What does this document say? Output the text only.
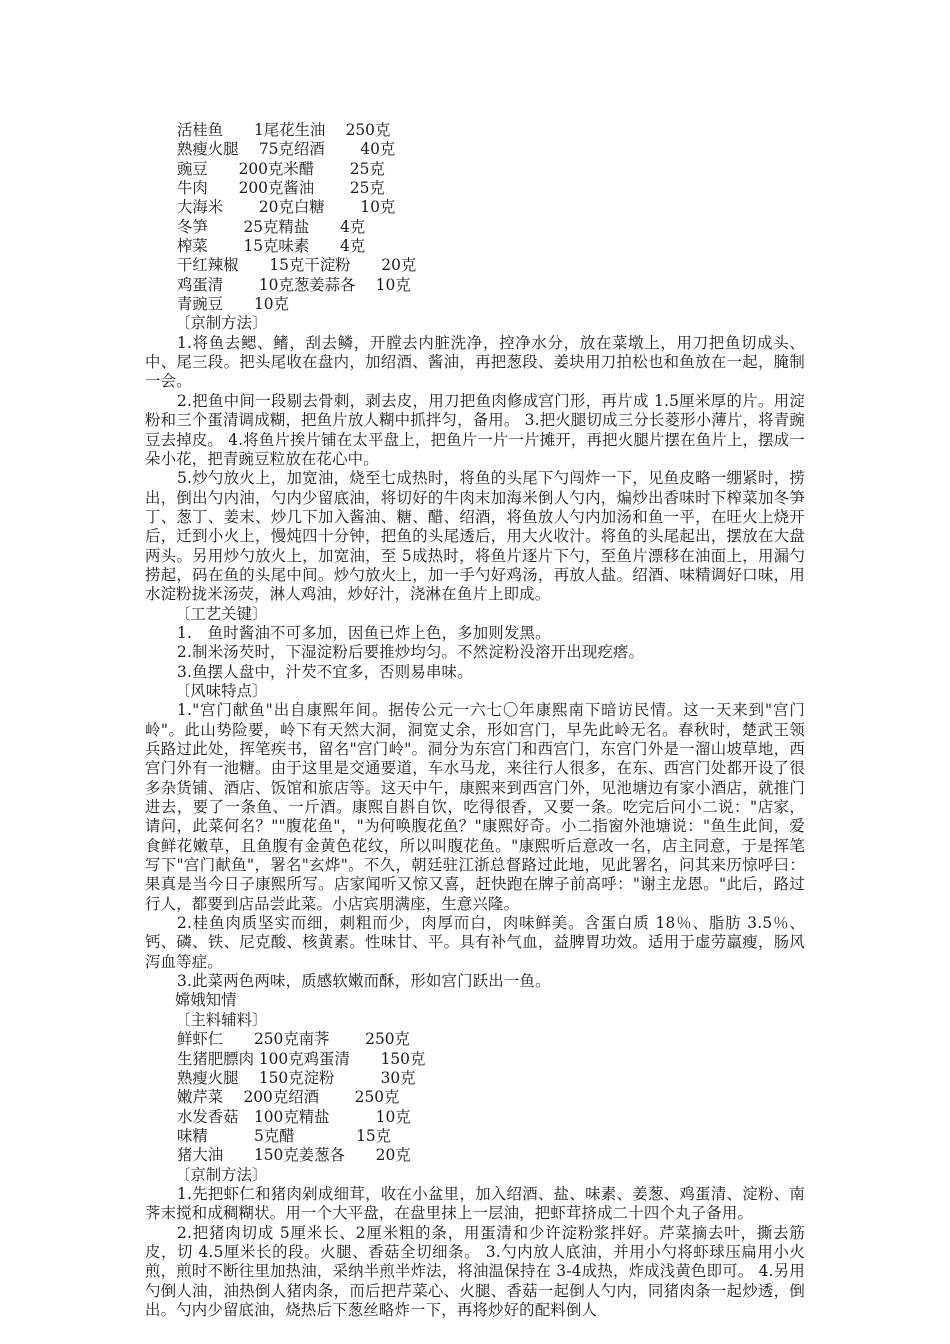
活桂鱼　　1尾花生油　 250克
熟瘦火腿　 75克绍酒　　 40克
豌豆　　200克米醋　　 25克
牛肉　　200克酱油　　 25克
大海米　　 20克白糖　　 10克
冬笋　　 25克精盐　　4克
榨菜　　 15克味素　　4克
干红辣椒　　15克干淀粉　　20克
鸡蛋清　　 10克葱姜蒜各　 10克
青豌豆　　10克
〔京制方法〕
1.将鱼去鳃、鳍，刮去鳞，开膛去内脏洗净，控净水分，放在菜墩上，用刀把鱼切成头、中、尾三段。把头尾收在盘内，加绍酒、酱油，再把葱段、姜块用刀拍松也和鱼放在一起，腌制一会。
2.把鱼中间一段剔去骨刺，剥去皮，用刀把鱼肉修成宫门形，再片成 1.5厘米厚的片。用淀粉和三个蛋清调成糊，把鱼片放人糊中抓拌匀，备用。 3.把火腿切成三分长菱形小薄片，将青豌豆去掉皮。 4.将鱼片挨片铺在太平盘上，把鱼片一片一片摊开，再把火腿片摆在鱼片上，摆成一朵小花，把青豌豆粒放在花心中。
5.炒勺放火上，加宽油，烧至七成热时，将鱼的头尾下勺闯炸一下，见鱼皮略一绷紧时，捞出，倒出勺内油，勺内少留底油，将切好的牛肉末加海米倒人勺内，煸炒出香味时下榨菜加冬笋丁、葱丁、姜末、炒几下加入酱油、糖、醋、绍酒，将鱼放人勺内加汤和鱼一平，在旺火上烧开后，迁到小火上，慢炖四十分钟，把鱼的头尾透后，用大火收汁。将鱼的头尾起出，摆放在大盘两头。另用炒勺放火上，加宽油，至 5成热时，将鱼片逐片下勺，至鱼片漂移在油面上，用漏勺捞起，码在鱼的头尾中间。炒勺放火上，加一手勺好鸡汤，再放人盐。绍酒、味精调好口味，用水淀粉拢米汤荧，淋人鸡油，炒好汁，浇淋在鱼片上即成。
〔工艺关键〕
1.　鱼时酱油不可多加，因鱼已炸上色，多加则发黑。
2.制米汤芡时，下湿淀粉后要推炒均匀。不然淀粉没溶开出现疙瘩。
3.鱼摆人盘中，汁芡不宜多，否则易串味。
〔风味特点〕
1."宫门献鱼"出自康熙年间。据传公元一六七〇年康熙南下暗访民情。这一天来到"宫门岭"。此山势险要，岭下有天然大洞，洞宽丈余，形如宫门，早先此岭无名。春秋时，楚武王领兵路过此处，挥笔疾书，留名"宫门岭"。洞分为东宫门和西宫门，东宫门外是一溜山坡草地，西宫门外有一池糖。由于这里是交通要道，车水马龙，来往行人很多，在东、西宫门处都开设了很多杂货铺、酒店、饭馆和旅店等。这天中午，康熙来到西宫门外，见池塘边有家小酒店，就推门进去，要了一条鱼、一斤酒。康熙自斟自饮，吃得很香，又要一条。吃完后问小二说："店家，请问，此菜何名？""腹花鱼"，"为何唤腹花鱼？"康熙好奇。小二指窗外池塘说："鱼生此间，爱食鲜花嫩草，且鱼腹有金黄色花纹，所以叫腹花鱼。"康熙听后意改一名，店主同意，于是挥笔写下"宫门献鱼"，署名"玄烨"。不久，朝廷驻江浙总督路过此地，见此署名，问其来历惊呼曰：果真是当今日子康熙所写。店家闻听又惊又喜，赶快跑在牌子前高呼："谢主龙恩。"此后，路过行人，都要到店品尝此菜。小店宾朋满座，生意兴隆。
2.桂鱼肉质坚实而细，刺粗而少，肉厚而白，肉味鲜美。含蛋白质 18％、脂肪 3.5％、钙、磷、铁、尼克酸、核黄素。性味甘、平。具有补气血，益脾胃功效。适用于虚劳羸瘦，肠风泻血等症。
3.此菜两色两味，质感软嫩而酥，形如宫门跃出一鱼。
嫦娥知情
〔主料辅料〕
鲜虾仁　　250克南荠　　 250克
生猪肥膘肉 100克鸡蛋清　　150克
熟瘦火腿　 150克淀粉　　　30克
嫩芹菜　 200克绍酒　　 250克
水发香菇　100克精盐　　　10克
味精　　　5克醋　　　　15克
猪大油　　150克姜葱各　　20克
〔京制方法〕
1.先把虾仁和猪肉剁成细茸，收在小盆里，加入绍酒、盐、味素、姜葱、鸡蛋清、淀粉、南荠末搅和成稠糊状。用一个大平盘，在盘里抹上一层油，把虾茸挤成二十四个丸子备用。
2.把猪肉切成 5厘米长、2厘米粗的条，用蛋清和少许淀粉浆拌好。芹菜摘去叶，撕去筋皮，切 4.5厘米长的段。火腿、香菇全切细条。 3.勺内放人底油，并用小勺将虾球压扁用小火煎，煎时不断往里加热油，采纳半煎半炸法，将油温保持在 3-4成热，炸成浅黄色即可。 4.另用勺倒人油，油热倒人猪肉条，而后把芹菜心、火腿、香菇一起倒人勺内，同猪肉条一起炒透，倒出。勺内少留底油，烧热后下葱丝略炸一下，再将炒好的配料倒人
